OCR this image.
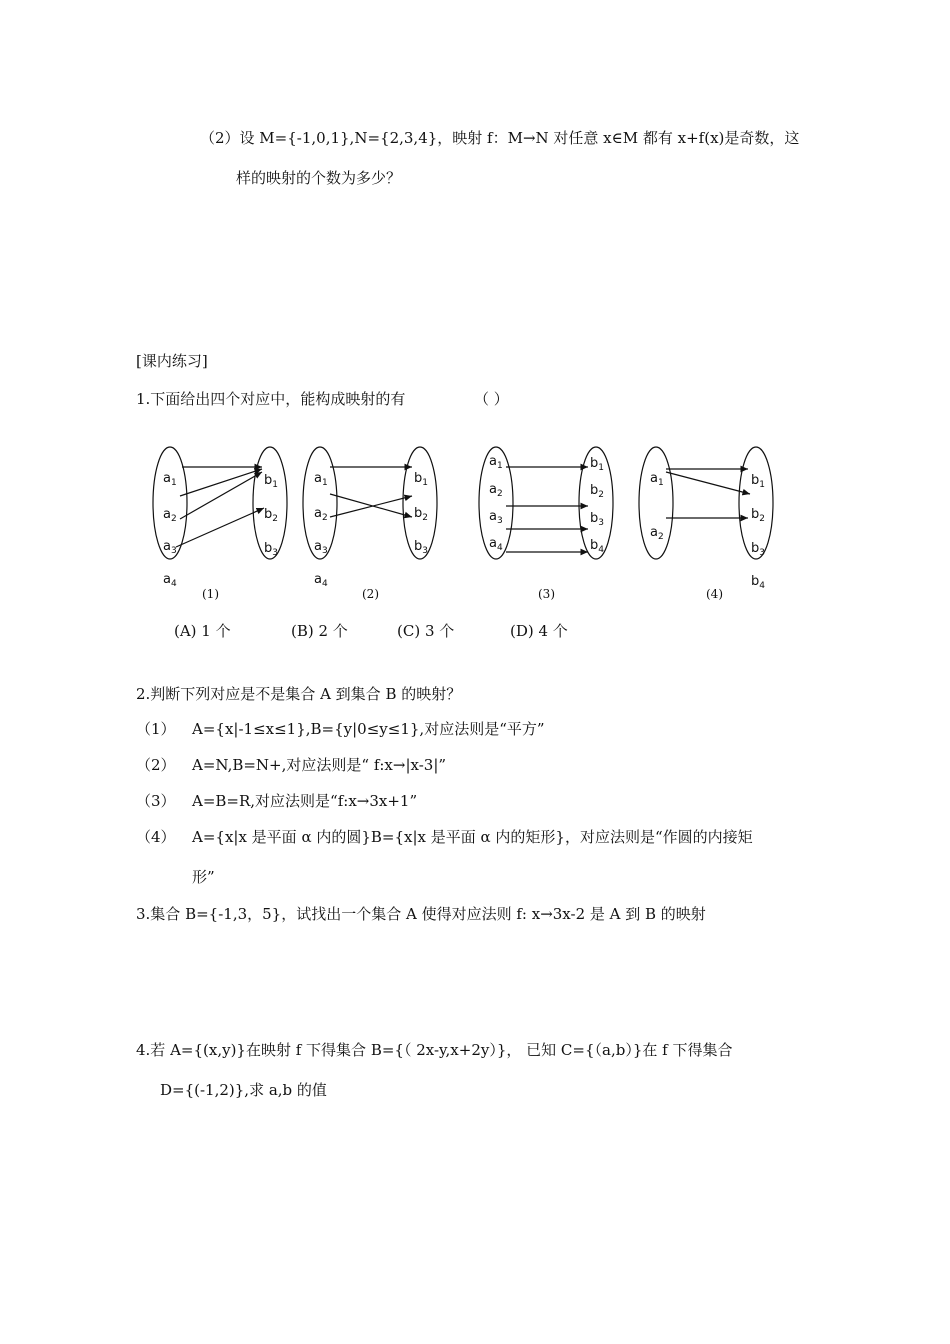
（2）设 M={-1,0,1},N={2,3,4}，映射 f：M→N 对任意 x∈M 都有 x+f(x)是奇数，这
样的映射的个数为多少？
[课内练习]
1.下面给出四个对应中，能构成映射的有	（ ）
(A) 1 个	(B) 2 个	(C) 3 个	(D) 4 个
2.判断下列对应是不是集合 A 到集合 B 的映射？
（1） A={x|-1≤x≤1},B={y|0≤y≤1},对应法则是“平方”
（2） A=N,B=N+,对应法则是“ f:x→|x-3|”
（3） A=B=R,对应法则是“f:x→3x+1”
（4） A={x|x 是平面 α 内的圆}B={x|x 是平面 α 内的矩形}，对应法则是“作圆的内接矩
形”
3.集合 B={-1,3，5}，试找出一个集合 A 使得对应法则 f: x→3x-2 是 A 到 B 的映射
4.若 A={(x,y)}在映射 f 下得集合 B={（ 2x-y,x+2y）}， 已知 C={（a,b）}在 f 下得集合
D={(-1,2)},求 a,b 的值
$a_1$
$a_2$
$a_3$
$a_4$
$b_1$
$b_2$
$b_3$
(1)
$a_1$
$a_2$
$a_3$
$a_4$
$b_1$
$b_2$
$b_3$
(2)
$a_1$
$a_2$
$a_3$
$a_4$
$b_1$
$b_2$
$b_3$
$b_4$
(3)
$a_1$
$a_2$
$b_1$
$b_2$
$b_3$
$b_4$
(4)
